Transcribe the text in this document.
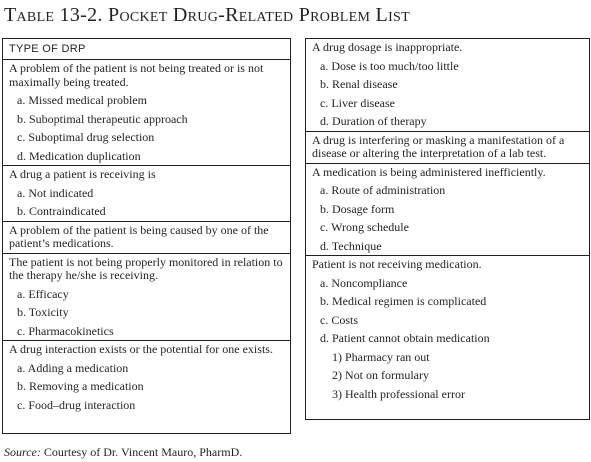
Table 13-2. Pocket Drug-Related Problem List
TYPE OF DRP
A problem of the patient is not being treated or is not maximally being treated.
a. Missed medical problem
b. Suboptimal therapeutic approach
c. Suboptimal drug selection
d. Medication duplication
A drug a patient is receiving is
a. Not indicated
b. Contraindicated
A problem of the patient is being caused by one of the patient’s medications.
The patient is not being properly monitored in relation to the therapy he/she is receiving.
a. Efficacy
b. Toxicity
c. Pharmacokinetics
A drug interaction exists or the potential for one exists.
a. Adding a medication
b. Removing a medication
c. Food–drug interaction
A drug dosage is inappropriate.
a. Dose is too much/too little
b. Renal disease
c. Liver disease
d. Duration of therapy
A drug is interfering or masking a manifestation of a disease or altering the interpretation of a lab test.
A medication is being administered inefficiently.
a. Route of administration
b. Dosage form
c. Wrong schedule
d. Technique
Patient is not receiving medication.
a. Noncompliance
b. Medical regimen is complicated
c. Costs
d. Patient cannot obtain medication
1) Pharmacy ran out
2) Not on formulary
3) Health professional error
Source: Courtesy of Dr. Vincent Mauro, PharmD.
